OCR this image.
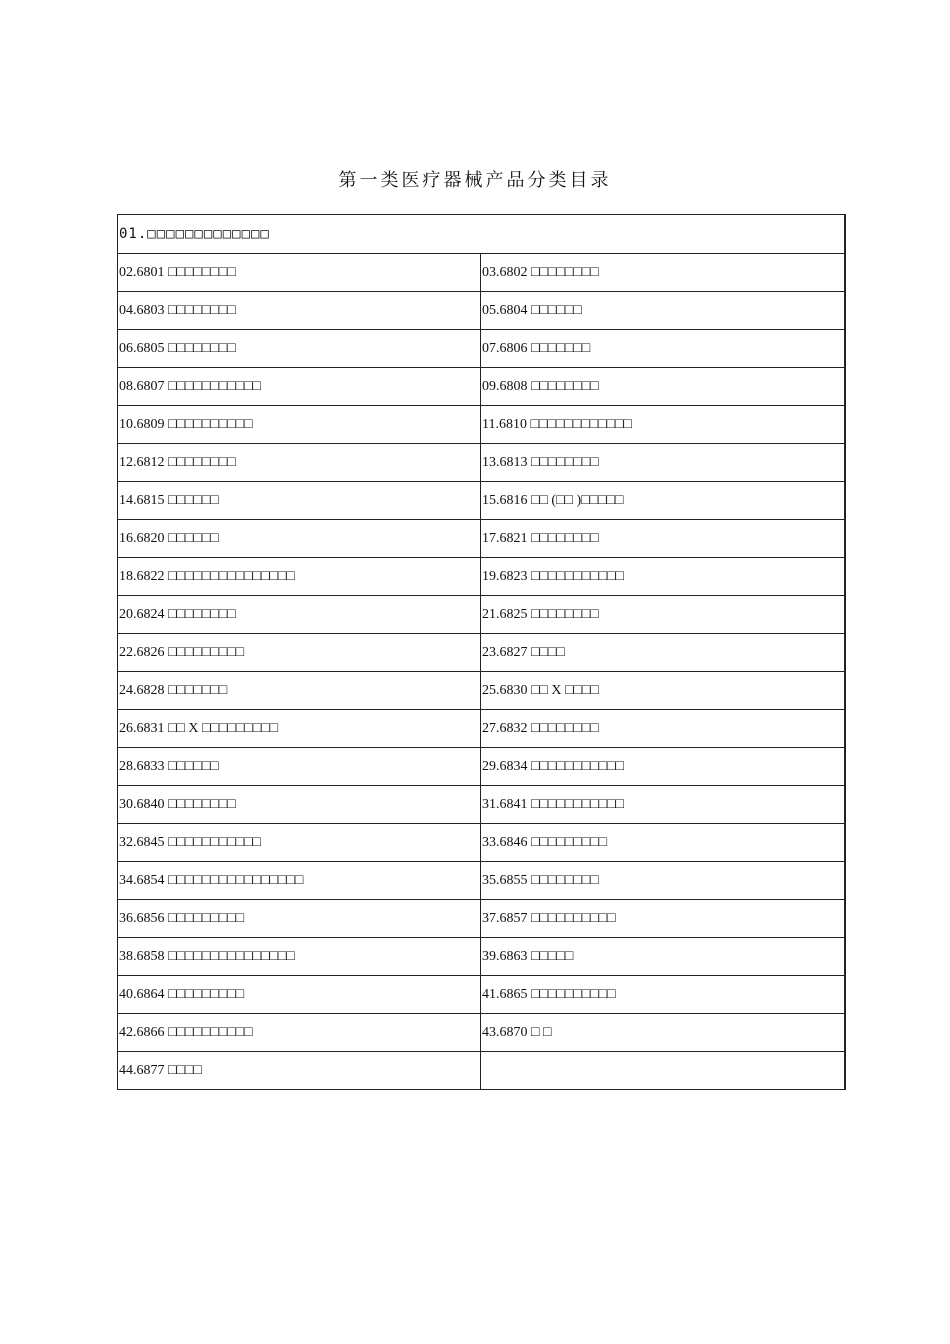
第一类医疗器械产品分类目录
01.□□□□□□□□□□□□□	
02.6801 □□□□□□□□	03.6802 □□□□□□□□
04.6803 □□□□□□□□	05.6804 □□□□□□
06.6805 □□□□□□□□	07.6806 □□□□□□□
08.6807 □□□□□□□□□□□	09.6808 □□□□□□□□
10.6809 □□□□□□□□□□	11.6810 □□□□□□□□□□□□
12.6812 □□□□□□□□	13.6813 □□□□□□□□
14.6815 □□□□□□	15.6816 □□ (□□ )□□□□□
16.6820 □□□□□□	17.6821 □□□□□□□□
18.6822 □□□□□□□□□□□□□□□	19.6823 □□□□□□□□□□□
20.6824 □□□□□□□□	21.6825 □□□□□□□□
22.6826 □□□□□□□□□	23.6827 □□□□
24.6828 □□□□□□□	25.6830 □□ X □□□□
26.6831 □□ X □□□□□□□□□	27.6832 □□□□□□□□
28.6833 □□□□□□	29.6834 □□□□□□□□□□□
30.6840 □□□□□□□□	31.6841 □□□□□□□□□□□
32.6845 □□□□□□□□□□□	33.6846 □□□□□□□□□
34.6854 □□□□□□□□□□□□□□□□	35.6855 □□□□□□□□
36.6856 □□□□□□□□□	37.6857 □□□□□□□□□□
38.6858 □□□□□□□□□□□□□□□	39.6863 □□□□□
40.6864 □□□□□□□□□	41.6865 □□□□□□□□□□
42.6866 □□□□□□□□□□	43.6870 □ □
44.6877 □□□□	
